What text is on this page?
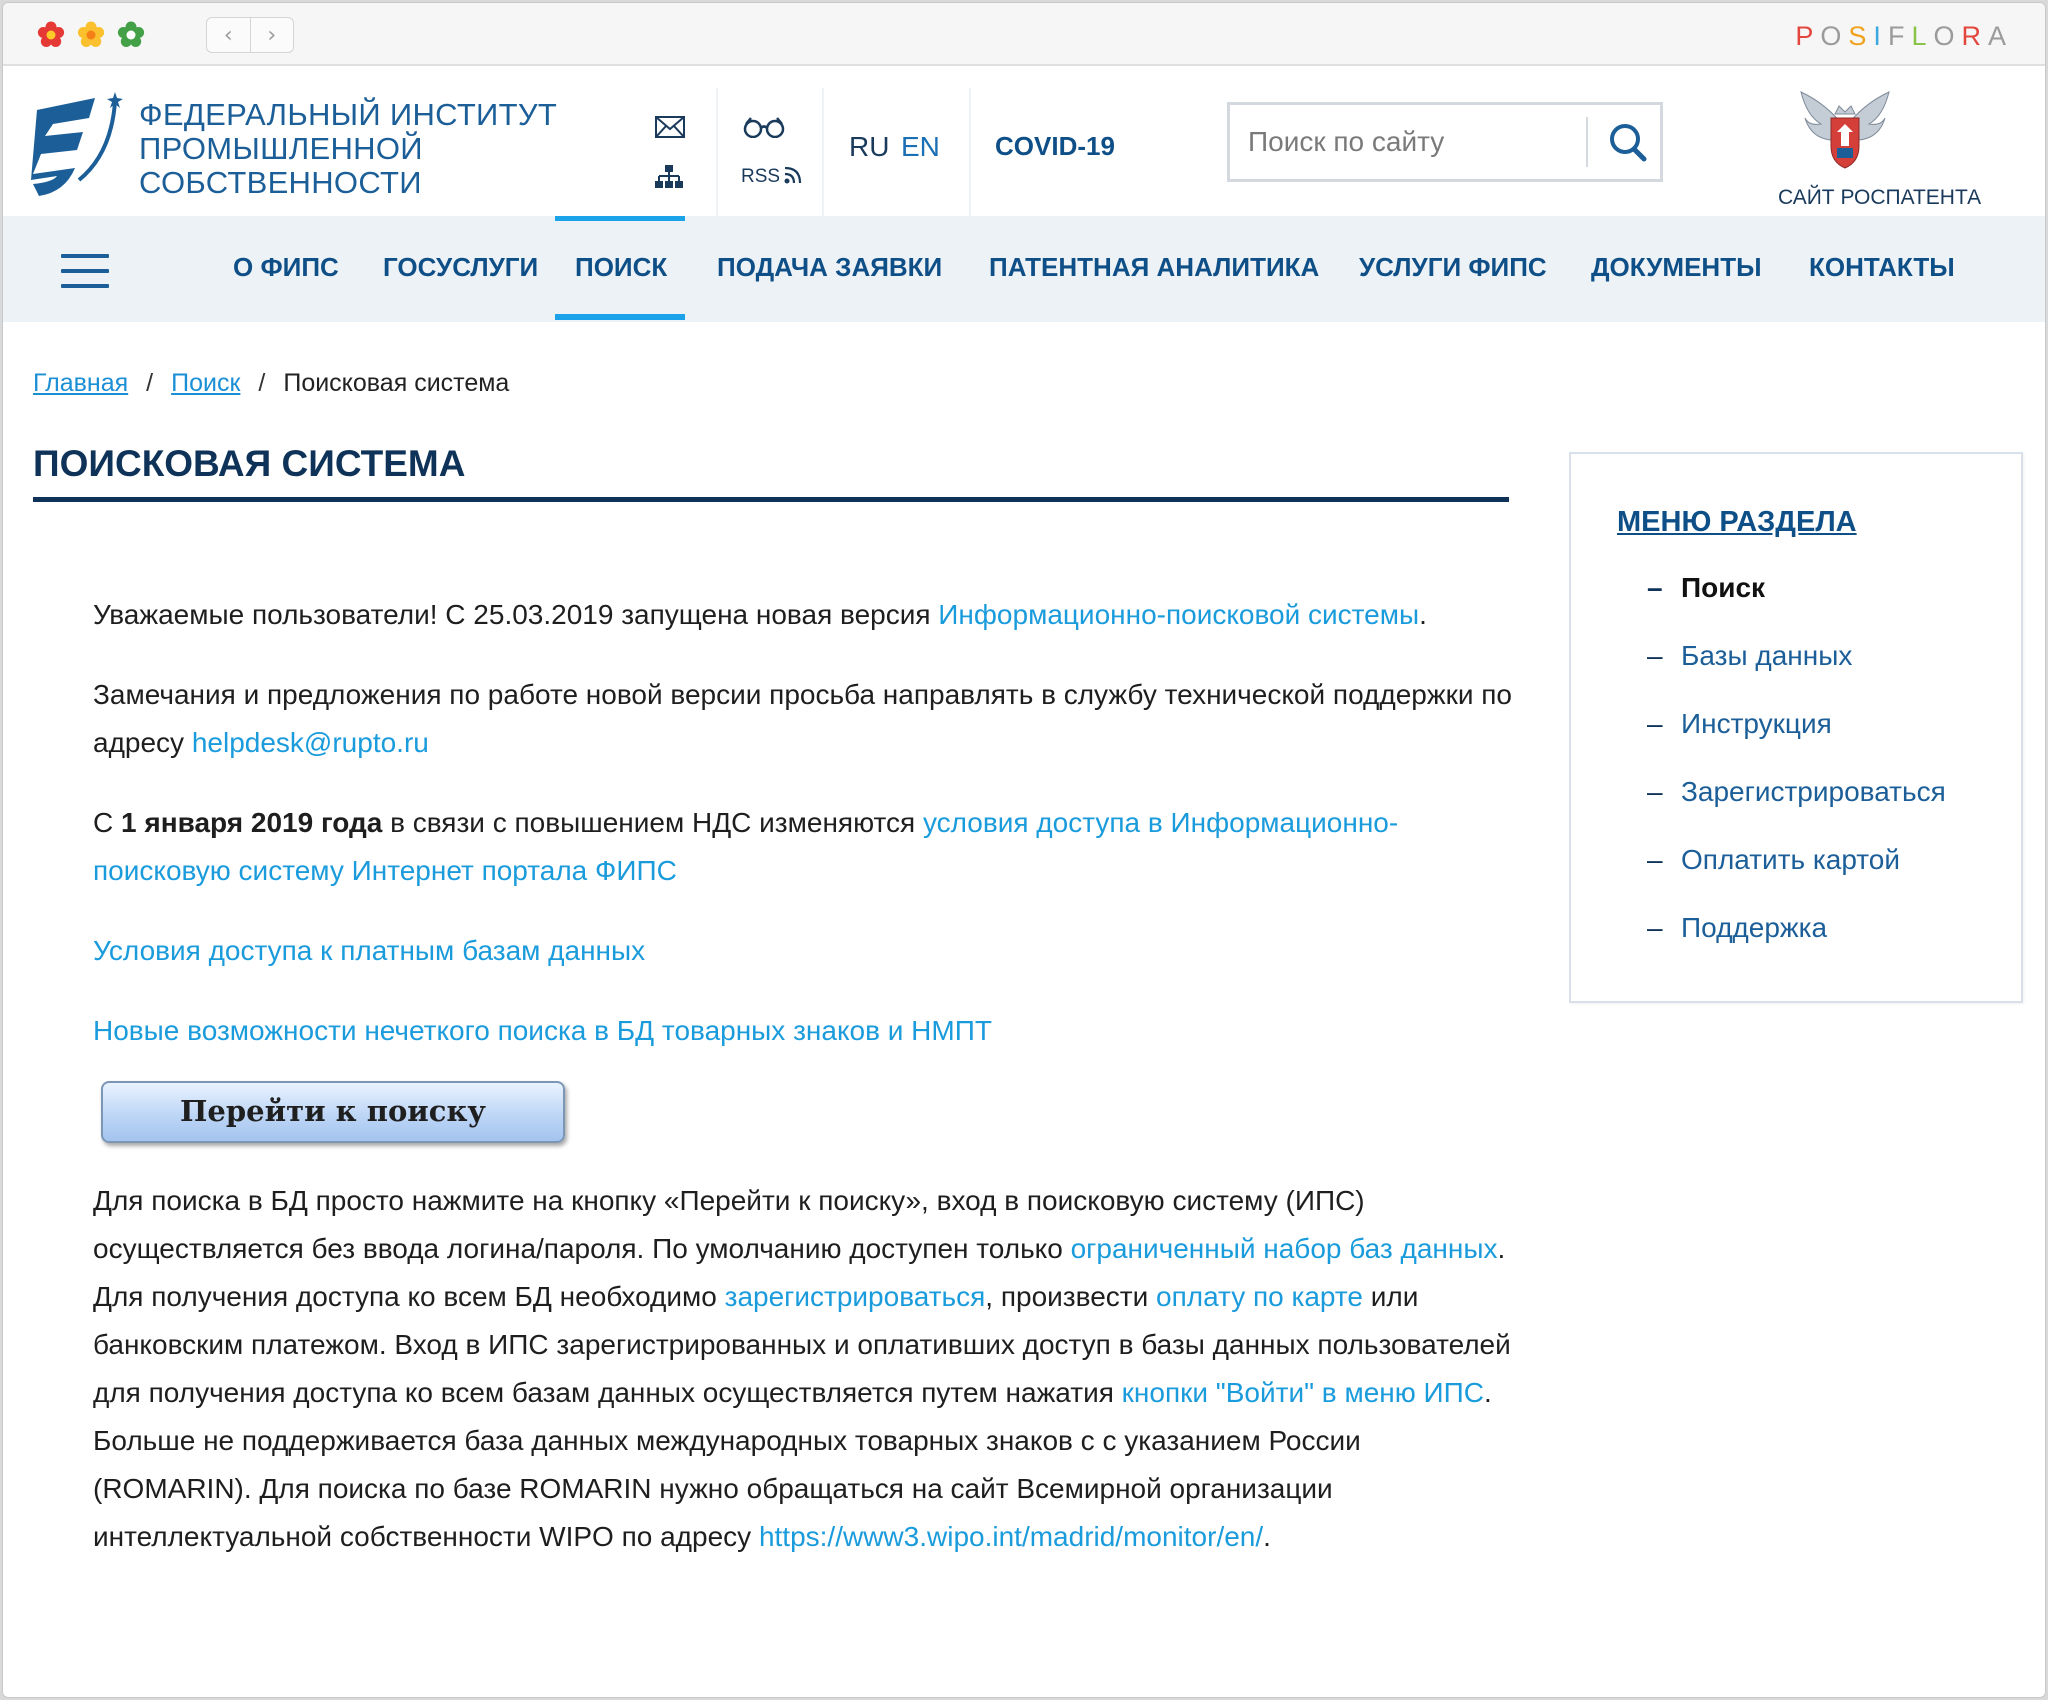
‹	›	POSIFLORA
ФЕДЕРАЛЬНЫЙ ИНСТИТУТ
ПРОМЫШЛЕННОЙ
СОБСТВЕННОСТИ	RSS
RU EN COVID-19
Поиск по сайту
САЙТ РОСПАТЕНТА
О ФИПС ГОСУСЛУГИ ПОИСК ПОДАЧА ЗАЯВКИ ПАТЕНТНАЯ АНАЛИТИКА УСЛУГИ ФИПС ДОКУМЕНТЫ КОНТАКТЫ
Главная / Поиск / Поисковая система
ПОИСКОВАЯ СИСТЕМА

Уважаемые пользователи! С 25.03.2019 запущена новая версия Информационно-поисковой системы.

Замечания и предложения по работе новой версии просьба направлять в службу технической поддержки по адресу helpdesk@rupto.ru

С 1 января 2019 года в связи с повышением НДС изменяются условия доступа в Информационно-поисковую систему Интернет портала ФИПС

Условия доступа к платным базам данных

Новые возможности нечеткого поиска в БД товарных знаков и НМПТ

Перейти к поиску

Для поиска в БД просто нажмите на кнопку «Перейти к поиску», вход в поисковую систему (ИПС) осуществляется без ввода логина/пароля. По умолчанию доступен только ограниченный набор баз данных. Для получения доступа ко всем БД необходимо зарегистрироваться, произвести оплату по карте или банковским платежом. Вход в ИПС зарегистрированных и оплативших доступ в базы данных пользователей для получения доступа ко всем базам данных осуществляется путем нажатия кнопки "Войти" в меню ИПС.

Больше не поддерживается база данных международных товарных знаков с с указанием России (ROMARIN). Для поиска по базе ROMARIN нужно обращаться на сайт Всемирной организации интеллектуальной собственности WIPO по адресу https://www3.wipo.int/madrid/monitor/en/.

МЕНЮ РАЗДЕЛА
– Поиск
– Базы данных
– Инструкция
– Зарегистрироваться
– Оплатить картой
– Поддержка
